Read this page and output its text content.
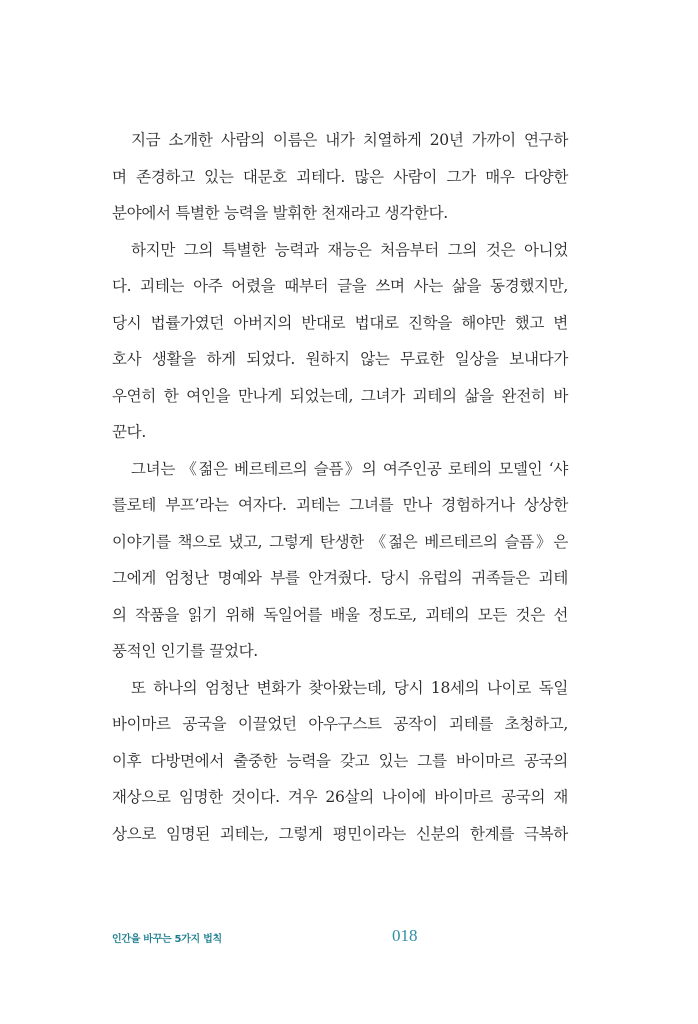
지금 소개한 사람의 이름은 내가 치열하게 20년 가까이 연구하
며 존경하고 있는 대문호 괴테다. 많은 사람이 그가 매우 다양한
분야에서 특별한 능력을 발휘한 천재라고 생각한다.
하지만 그의 특별한 능력과 재능은 처음부터 그의 것은 아니었
다. 괴테는 아주 어렸을 때부터 글을 쓰며 사는 삶을 동경했지만,
당시 법률가였던 아버지의 반대로 법대로 진학을 해야만 했고 변
호사 생활을 하게 되었다. 원하지 않는 무료한 일상을 보내다가
우연히 한 여인을 만나게 되었는데, 그녀가 괴테의 삶을 완전히 바
꾼다.
그녀는 《젊은 베르테르의 슬픔》의 여주인공 로테의 모델인 ‘샤
를로테 부프’라는 여자다. 괴테는 그녀를 만나 경험하거나 상상한
이야기를 책으로 냈고, 그렇게 탄생한 《젊은 베르테르의 슬픔》은
그에게 엄청난 명예와 부를 안겨줬다. 당시 유럽의 귀족들은 괴테
의 작품을 읽기 위해 독일어를 배울 정도로, 괴테의 모든 것은 선
풍적인 인기를 끌었다.
또 하나의 엄청난 변화가 찾아왔는데, 당시 18세의 나이로 독일
바이마르 공국을 이끌었던 아우구스트 공작이 괴테를 초청하고,
이후 다방면에서 출중한 능력을 갖고 있는 그를 바이마르 공국의
재상으로 임명한 것이다. 겨우 26살의 나이에 바이마르 공국의 재
상으로 임명된 괴테는, 그렇게 평민이라는 신분의 한계를 극복하
인간을 바꾸는 5가지 법칙	018
